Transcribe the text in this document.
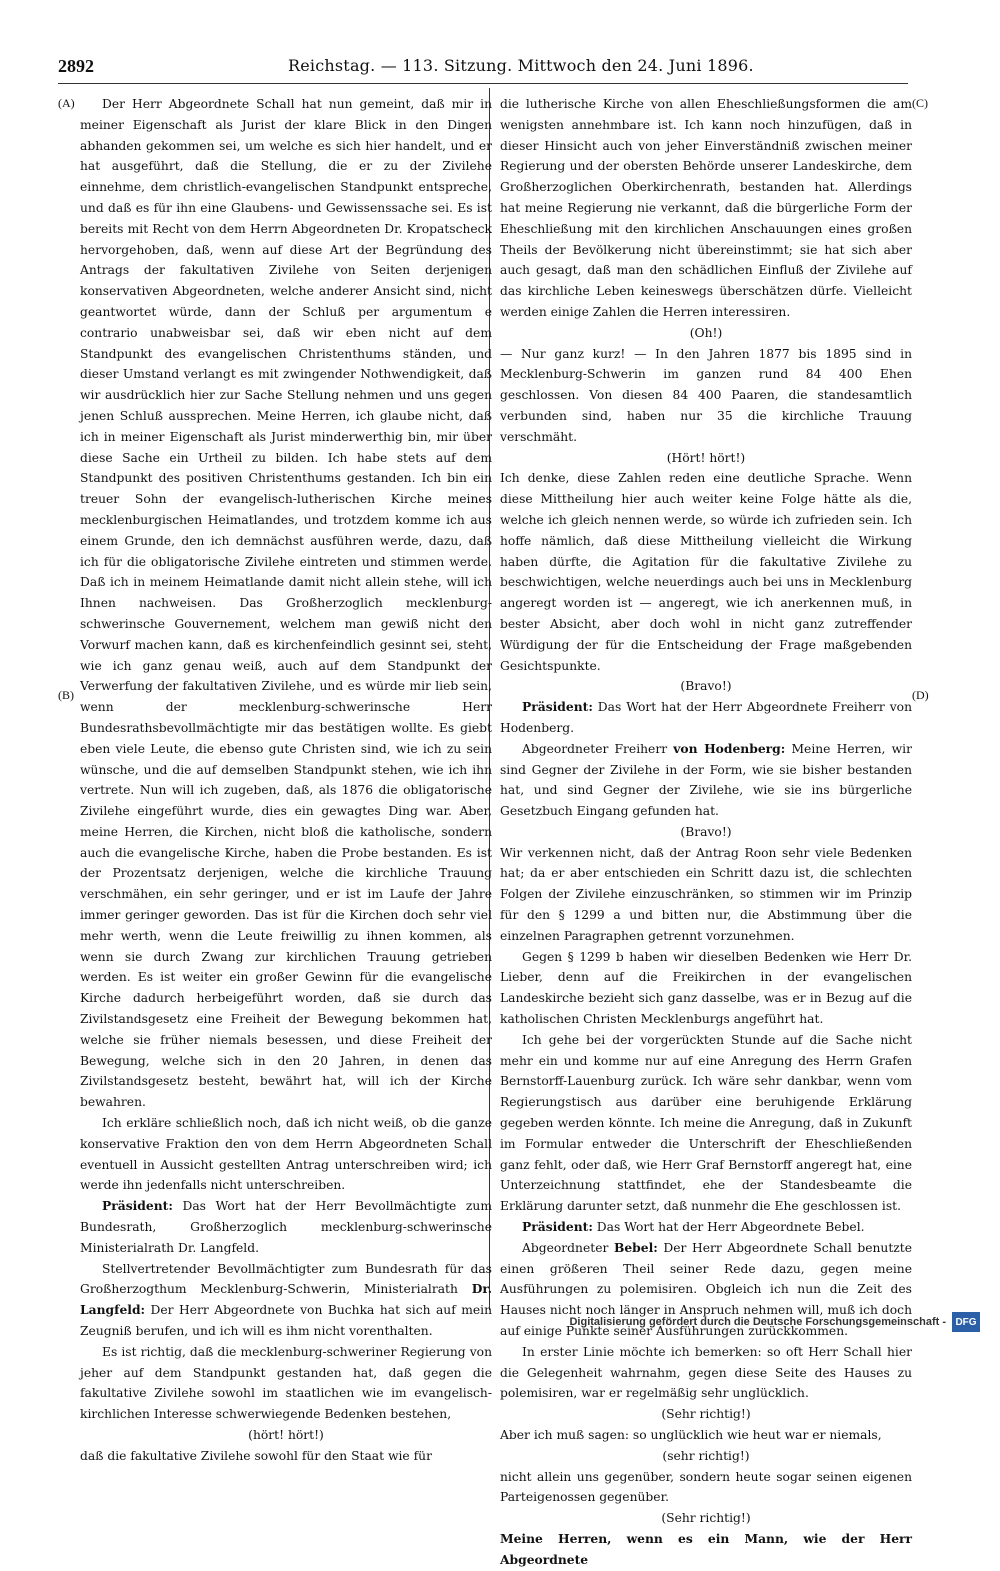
2892	Reichstag. — 113. Sitzung. Mittwoch den 24. Juni 1896.
(A)
(B)
(C)
(D)

Der Herr Abgeordnete Schall hat nun gemeint, daß mir in meiner Eigenschaft als Jurist der klare Blick in den Dingen abhanden gekommen sei, um welche es sich hier handelt, und er hat ausgeführt, daß die Stellung, die er zu der Zivilehe einnehme, dem christlich-evangelischen Standpunkt entspreche, und daß es für ihn eine Glaubens- und Gewissenssache sei. Es ist bereits mit Recht von dem Herrn Abgeordneten Dr. Kropatscheck hervorgehoben, daß, wenn auf diese Art der Begründung des Antrags der fakultativen Zivilehe von Seiten derjenigen konservativen Abgeordneten, welche anderer Ansicht sind, nicht geantwortet würde, dann der Schluß per argumentum e contrario unabweisbar sei, daß wir eben nicht auf dem Standpunkt des evangelischen Christenthums ständen, und dieser Umstand verlangt es mit zwingender Nothwendigkeit, daß wir ausdrücklich hier zur Sache Stellung nehmen und uns gegen jenen Schluß aussprechen. Meine Herren, ich glaube nicht, daß ich in meiner Eigenschaft als Jurist minderwerthig bin, mir über diese Sache ein Urtheil zu bilden. Ich habe stets auf dem Standpunkt des positiven Christenthums gestanden. Ich bin ein treuer Sohn der evangelisch-lutherischen Kirche meines mecklenburgischen Heimatlandes, und trotzdem komme ich aus einem Grunde, den ich demnächst ausführen werde, dazu, daß ich für die obligatorische Zivilehe eintreten und stimmen werde. Daß ich in meinem Heimatlande damit nicht allein stehe, will ich Ihnen nachweisen. Das Großherzoglich mecklenburg-schwerinsche Gouvernement, welchem man gewiß nicht den Vorwurf machen kann, daß es kirchenfeindlich gesinnt sei, steht, wie ich ganz genau weiß, auch auf dem Standpunkt der Verwerfung der fakultativen Zivilehe, und es würde mir lieb sein, wenn der mecklenburg-schwerinsche Herr Bundesrathsbevollmächtigte mir das bestätigen wollte. Es giebt eben viele Leute, die ebenso gute Christen sind, wie ich zu sein wünsche, und die auf demselben Standpunkt stehen, wie ich ihn vertrete. Nun will ich zugeben, daß, als 1876 die obligatorische Zivilehe eingeführt wurde, dies ein gewagtes Ding war. Aber, meine Herren, die Kirchen, nicht bloß die katholische, sondern auch die evangelische Kirche, haben die Probe bestanden. Es ist der Prozentsatz derjenigen, welche die kirchliche Trauung verschmähen, ein sehr geringer, und er ist im Laufe der Jahre immer geringer geworden. Das ist für die Kirchen doch sehr viel mehr werth, wenn die Leute freiwillig zu ihnen kommen, als wenn sie durch Zwang zur kirchlichen Trauung getrieben werden. Es ist weiter ein großer Gewinn für die evangelische Kirche dadurch herbeigeführt worden, daß sie durch das Zivilstandsgesetz eine Freiheit der Bewegung bekommen hat, welche sie früher niemals besessen, und diese Freiheit der Bewegung, welche sich in den 20 Jahren, in denen das Zivilstandsgesetz besteht, bewährt hat, will ich der Kirche bewahren.

Ich erkläre schließlich noch, daß ich nicht weiß, ob die ganze konservative Fraktion den von dem Herrn Abgeordneten Schall eventuell in Aussicht gestellten Antrag unterschreiben wird; ich werde ihn jedenfalls nicht unterschreiben.

Präsident: Das Wort hat der Herr Bevollmächtigte zum Bundesrath, Großherzoglich mecklenburg-schwerinsche Ministerialrath Dr. Langfeld.

Stellvertretender Bevollmächtigter zum Bundesrath für das Großherzogthum Mecklenburg-Schwerin, Ministerialrath Dr. Langfeld: Der Herr Abgeordnete von Buchka hat sich auf mein Zeugniß berufen, und ich will es ihm nicht vorenthalten.

Es ist richtig, daß die mecklenburg-schweriner Regierung von jeher auf dem Standpunkt gestanden hat, daß gegen die fakultative Zivilehe sowohl im staatlichen wie im evangelisch-kirchlichen Interesse schwerwiegende Bedenken bestehen,

(hört! hört!)

daß die fakultative Zivilehe sowohl für den Staat wie für

die lutherische Kirche von allen Eheschließungsformen die am wenigsten annehmbare ist. Ich kann noch hinzufügen, daß in dieser Hinsicht auch von jeher Einverständniß zwischen meiner Regierung und der obersten Behörde unserer Landeskirche, dem Großherzoglichen Oberkirchenrath, bestanden hat. Allerdings hat meine Regierung nie verkannt, daß die bürgerliche Form der Eheschließung mit den kirchlichen Anschauungen eines großen Theils der Bevölkerung nicht übereinstimmt; sie hat sich aber auch gesagt, daß man den schädlichen Einfluß der Zivilehe auf das kirchliche Leben keineswegs überschätzen dürfe. Vielleicht werden einige Zahlen die Herren interessiren.

(Oh!)

— Nur ganz kurz! — In den Jahren 1877 bis 1895 sind in Mecklenburg-Schwerin im ganzen rund 84 400 Ehen geschlossen. Von diesen 84 400 Paaren, die standesamtlich verbunden sind, haben nur 35 die kirchliche Trauung verschmäht.

(Hört! hört!)

Ich denke, diese Zahlen reden eine deutliche Sprache. Wenn diese Mittheilung hier auch weiter keine Folge hätte als die, welche ich gleich nennen werde, so würde ich zufrieden sein. Ich hoffe nämlich, daß diese Mittheilung vielleicht die Wirkung haben dürfte, die Agitation für die fakultative Zivilehe zu beschwichtigen, welche neuerdings auch bei uns in Mecklenburg angeregt worden ist — angeregt, wie ich anerkennen muß, in bester Absicht, aber doch wohl in nicht ganz zutreffender Würdigung der für die Entscheidung der Frage maßgebenden Gesichtspunkte.

(Bravo!)

Präsident: Das Wort hat der Herr Abgeordnete Freiherr von Hodenberg.

Abgeordneter Freiherr von Hodenberg: Meine Herren, wir sind Gegner der Zivilehe in der Form, wie sie bisher bestanden hat, und sind Gegner der Zivilehe, wie sie ins bürgerliche Gesetzbuch Eingang gefunden hat.

(Bravo!)

Wir verkennen nicht, daß der Antrag Roon sehr viele Bedenken hat; da er aber entschieden ein Schritt dazu ist, die schlechten Folgen der Zivilehe einzuschränken, so stimmen wir im Prinzip für den § 1299 a und bitten nur, die Abstimmung über die einzelnen Paragraphen getrennt vorzunehmen.

Gegen § 1299 b haben wir dieselben Bedenken wie Herr Dr. Lieber, denn auf die Freikirchen in der evangelischen Landeskirche bezieht sich ganz dasselbe, was er in Bezug auf die katholischen Christen Mecklenburgs angeführt hat.

Ich gehe bei der vorgerückten Stunde auf die Sache nicht mehr ein und komme nur auf eine Anregung des Herrn Grafen Bernstorff-Lauenburg zurück. Ich wäre sehr dankbar, wenn vom Regierungstisch aus darüber eine beruhigende Erklärung gegeben werden könnte. Ich meine die Anregung, daß in Zukunft im Formular entweder die Unterschrift der Eheschließenden ganz fehlt, oder daß, wie Herr Graf Bernstorff angeregt hat, eine Unterzeichnung stattfindet, ehe der Standesbeamte die Erklärung darunter setzt, daß nunmehr die Ehe geschlossen ist.

Präsident: Das Wort hat der Herr Abgeordnete Bebel.

Abgeordneter Bebel: Der Herr Abgeordnete Schall benutzte einen größeren Theil seiner Rede dazu, gegen meine Ausführungen zu polemisiren. Obgleich ich nun die Zeit des Hauses nicht noch länger in Anspruch nehmen will, muß ich doch auf einige Punkte seiner Ausführungen zurückkommen.

In erster Linie möchte ich bemerken: so oft Herr Schall hier die Gelegenheit wahrnahm, gegen diese Seite des Hauses zu polemisiren, war er regelmäßig sehr unglücklich.

(Sehr richtig!)

Aber ich muß sagen: so unglücklich wie heut war er niemals,

(sehr richtig!)

nicht allein uns gegenüber, sondern heute sogar seinen eigenen Parteigenossen gegenüber.

(Sehr richtig!)

Meine Herren, wenn es ein Mann, wie der Herr Abgeordnete

Digitalisierung gefördert durch die Deutsche Forschungsgemeinschaft - DFG
